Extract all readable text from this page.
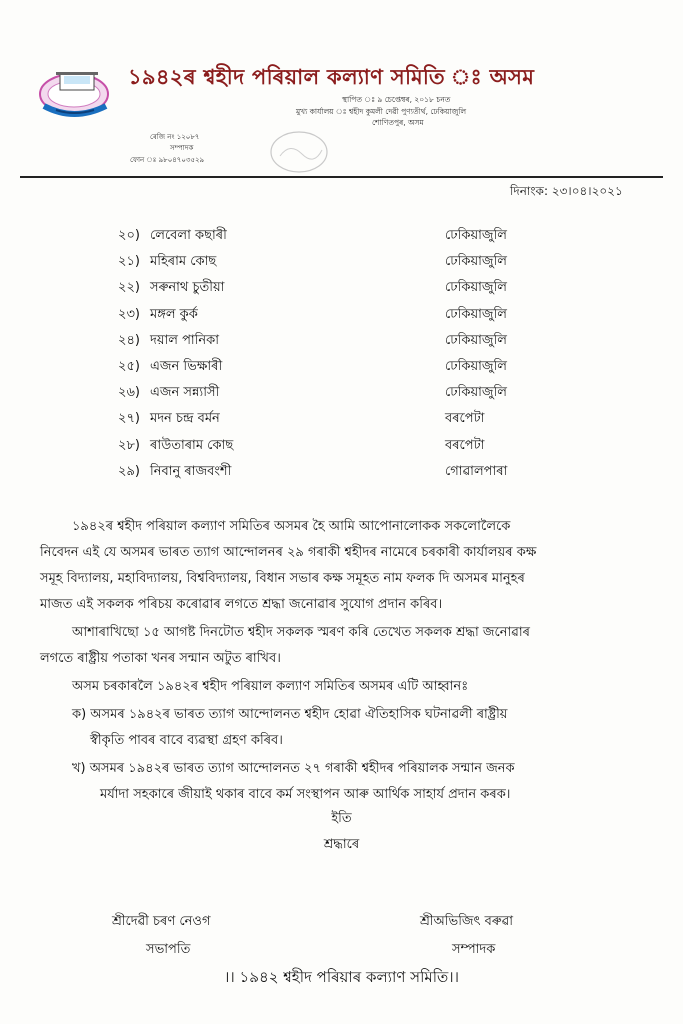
১৯৪২ৰ শ্বহীদ পৰিয়াল কল্যাণ সমিতি ঃ অসম
স্থাপিত ঃ ৯ চেপ্তেম্বৰ, ২০১৮ চনত
মুখ্য কাৰ্যালয় ঃ শ্বহীদ কুমলী দেৱী পুণ্যতীৰ্থ, ঢেকিয়াজুলি
শোণিতপুৰ, অসম
ৰেজি নং ১২০৮৭
সম্পাদক
ফোন ঃ ৯৮০৪৭০৩৫২৯
দিনাংক: ২৩।০৪।২০২১
২০) লেবেলা কছাৰী	ঢেকিয়াজুলি
২১) মহিৰাম কোছ	ঢেকিয়াজুলি
২২) সৰুনাথ চুতীয়া	ঢেকিয়াজুলি
২৩) মঙ্গল কুৰ্ক	ঢেকিয়াজুলি
২৪) দয়াল পানিকা	ঢেকিয়াজুলি
২৫) এজন ভিক্ষাৰী	ঢেকিয়াজুলি
২৬) এজন সন্ন্যাসী	ঢেকিয়াজুলি
২৭) মদন চন্দ্ৰ বৰ্মন	বৰপেটা
২৮) ৰাউতাৰাম কোছ	বৰপেটা
২৯) নিবানু ৰাজবংশী	গোৱালপাৰা
১৯৪২ৰ শ্বহীদ পৰিয়াল কল্যাণ সমিতিৰ অসমৰ হৈ আমি আপোনালোকক সকলোলৈকে
নিবেদন এই যে অসমৰ ভাৰত ত্যাগ আন্দোলনৰ ২৯ গৰাকী শ্বহীদৰ নামেৰে চৰকাৰী কাৰ্যালয়ৰ কক্ষ
সমূহ বিদ্যালয়, মহাবিদ্যালয়, বিশ্ববিদ্যালয়, বিধান সভাৰ কক্ষ সমূহত নাম ফলক দি অসমৰ মানুহৰ
মাজত এই সকলক পৰিচয় কৰোৱাৰ লগতে শ্ৰদ্ধা জনোৱাৰ সুযোগ প্ৰদান কৰিব।
আশাৰাখিছো ১৫ আগষ্ট দিনটোত শ্বহীদ সকলক স্মৰণ কৰি তেখেত সকলক শ্ৰদ্ধা জনোৱাৰ
লগতে ৰাষ্ট্ৰীয় পতাকা খনৰ সন্মান অটুত ৰাখিব।
অসম চৰকাৰলৈ ১৯৪২ৰ শ্বহীদ পৰিয়াল কল্যাণ সমিতিৰ অসমৰ এটি আহ্বানঃ
ক) অসমৰ ১৯৪২ৰ ভাৰত ত্যাগ আন্দোলনত শ্বহীদ হোৱা ঐতিহাসিক ঘটনাৱলী ৰাষ্ট্ৰীয়
স্বীকৃতি পাবৰ বাবে ব্যৱস্থা গ্ৰহণ কৰিব।
খ) অসমৰ ১৯৪২ৰ ভাৰত ত্যাগ আন্দোলনত ২৭ গৰাকী শ্বহীদৰ পৰিয়ালক সন্মান জনক
মৰ্যাদা সহকাৰে জীয়াই থকাৰ বাবে কৰ্ম সংস্থাপন আৰু আৰ্থিক সাহাৰ্য প্ৰদান কৰক।
ইতি
শ্ৰদ্ধাৰে
শ্ৰীদেৱী চৰণ নেওগ
সভাপতি
শ্ৰীঅভিজিৎ বৰুৱা
সম্পাদক
।। ১৯৪২ শ্বহীদ পৰিয়াৰ কল্যাণ সমিতি।।
